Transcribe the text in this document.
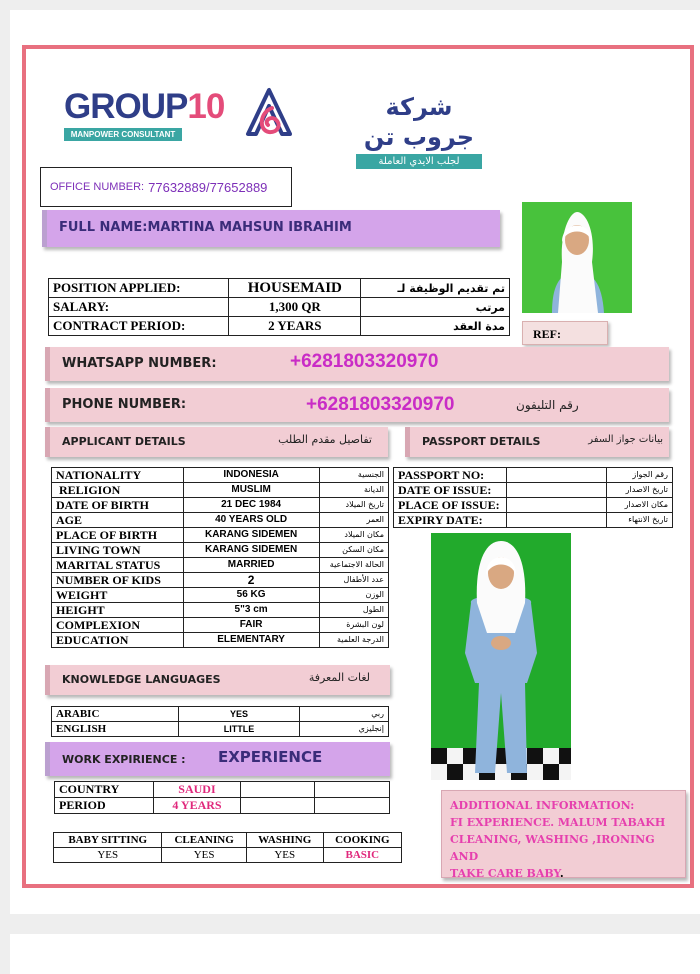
GROUP10
MANPOWER CONSULTANT
شركة جروب تن
لجلب الايدي العاملة
OFFICE NUMBER: 77632889/77652889
FULL NAME:MARTINA MAHSUN IBRAHIM
POSITION APPLIED:	HOUSEMAID	تم تقديم الوظيفة لـ
SALARY:	1,300 QR	مرتب
CONTRACT PERIOD:	2 YEARS	مدة العقد
REF:
WHATSAPP NUMBER:	+6281803320970
PHONE NUMBER:	+6281803320970	رقم التليفون
APPLICANT DETAILS	تفاصيل مقدم الطلب	PASSPORT DETAILS	بيانات جواز السفر
NATIONALITY	INDONESIA	الجنسية
RELIGION	MUSLIM	الديانة
DATE OF BIRTH	21 DEC 1984	تاريخ الميلاد
AGE	40 YEARS OLD	العمر
PLACE OF BIRTH	KARANG SIDEMEN	مكان الميلاد
LIVING TOWN	KARANG SIDEMEN	مكان السكن
MARITAL STATUS	MARRIED	الحالة الاجتماعية
NUMBER OF KIDS	2	عدد الأطفال
WEIGHT	56 KG	الوزن
HEIGHT	5"3 cm	الطول
COMPLEXION	FAIR	لون البشرة
EDUCATION	ELEMENTARY	الدرجة العلمية
PASSPORT NO:		رقم الجواز
DATE OF ISSUE:		تاريخ الاصدار
PLACE OF ISSUE:		مكان الاصدار
EXPIRY DATE:		تاريخ الانتهاء
KNOWLEDGE LANGUAGES	لغات المعرفة
ARABIC	YES	ربي
ENGLISH	LITTLE	إنجليزي
WORK EXPIRIENCE : EXPERIENCE
COUNTRY	SAUDI		
PERIOD	4 YEARS			ADDITIONAL INFORMATION:
FI EXPERIENCE. MALUM TABAKH
CLEANING, WASHING ,IRONING AND
TAKE CARE BABY.
BABY SITTING	CLEANING	WASHING	COOKING
YES	YES	YES	BASIC
